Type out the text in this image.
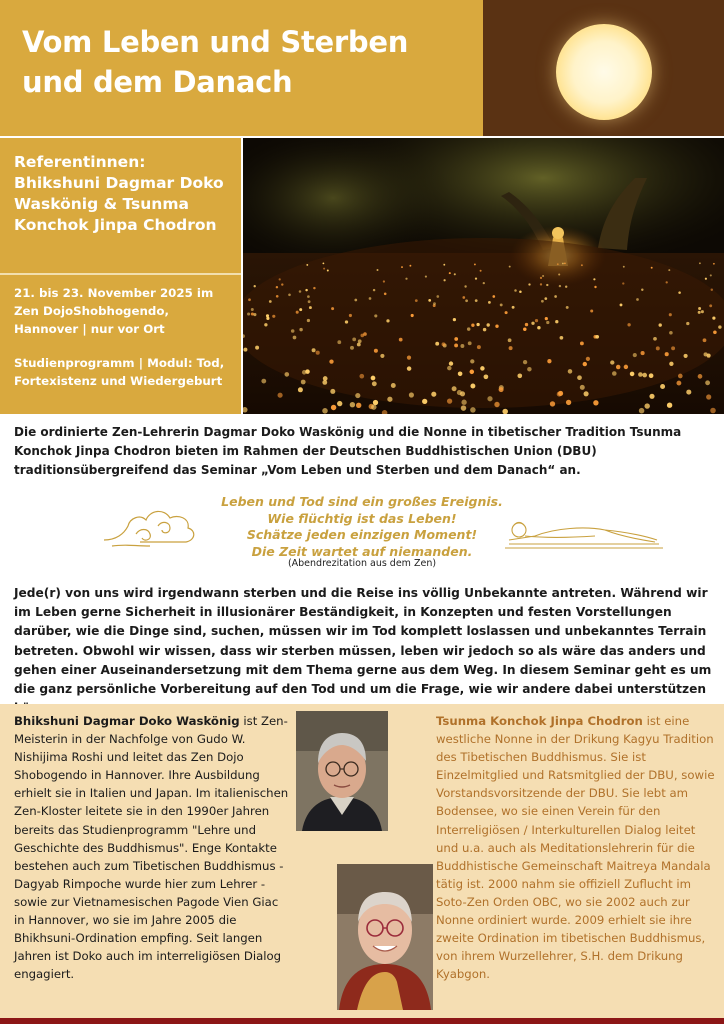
Vom Leben und Sterben und dem Danach
Referentinnen: Bhikshuni Dagmar Doko Waskönig & Tsunma Konchok Jinpa Chodron
21. bis 23. November 2025 im Zen DojoShobhogendo, Hannover | nur vor Ort
Studienprogramm | Modul: Tod, Fortexistenz und Wiedergeburt
Die ordinierte Zen-Lehrerin Dagmar Doko Waskönig und die Nonne in tibetischer Tradition Tsunma Konchok Jinpa Chodron bieten im Rahmen der Deutschen Buddhistischen Union (DBU) traditionsübergreifend das Seminar „Vom Leben und Sterben und dem Danach“ an.
Leben und Tod sind ein großes Ereignis.
Wie flüchtig ist das Leben!
Schätze jeden einzigen Moment!
Die Zeit wartet auf niemanden.
(Abendrezitation aus dem Zen)
Jede(r) von uns wird irgendwann sterben und die Reise ins völlig Unbekannte antreten. Während wir im Leben gerne Sicherheit in illusionärer Beständigkeit, in Konzepten und festen Vorstellungen darüber, wie die Dinge sind, suchen, müssen wir im Tod komplett loslassen und unbekanntes Terrain betreten. Obwohl wir wissen, dass wir sterben müssen, leben wir jedoch so als wäre das anders und gehen einer Auseinandersetzung mit dem Thema gerne aus dem Weg. In diesem Seminar geht es um die ganz persönliche Vorbereitung auf den Tod und um die Frage, wie wir andere dabei unterstützen
Bhikshuni Dagmar Doko Waskönig ist Zen-Meisterin in der Nachfolge von Gudo W. Nishijima Roshi und leitet das Zen Dojo Shobogendo in Hannover. Ihre Ausbildung erhielt sie in Italien und Japan. Im italienischen Zen-Kloster leitete sie in den 1990er Jahren bereits das Studienprogramm "Lehre und Geschichte des Buddhismus". Enge Kontakte bestehen auch zum Tibetischen Buddhismus - Dagyab Rimpoche wurde hier zum Lehrer - sowie zur Vietnamesischen Pagode Vien Giac in Hannover, wo sie im Jahre 2005 die Bhikhsuni-Ordination empfing. Seit langen Jahren ist Doko auch im interreligiösen Dialog engagiert.
Tsunma Konchok Jinpa Chodron ist eine westliche Nonne in der Drikung Kagyu Tradition des Tibetischen Buddhismus. Sie ist Einzelmitglied und Ratsmitglied der DBU, sowie Vorstandsvorsitzende der DBU. Sie lebt am Bodensee, wo sie einen Verein für den Interreligiösen / Interkulturellen Dialog leitet und u.a. auch als Meditationslehrerin für die Buddhistische Gemeinschaft Maitreya Mandala tätig ist. 2000 nahm sie offiziell Zuflucht im Soto-Zen Orden OBC, wo sie 2002 auch zur Nonne ordiniert wurde. 2009 erhielt sie ihre zweite Ordination im tibetischen Buddhismus, von ihrem Wurzellehrer, S.H. dem Drikung Kyabgon.
